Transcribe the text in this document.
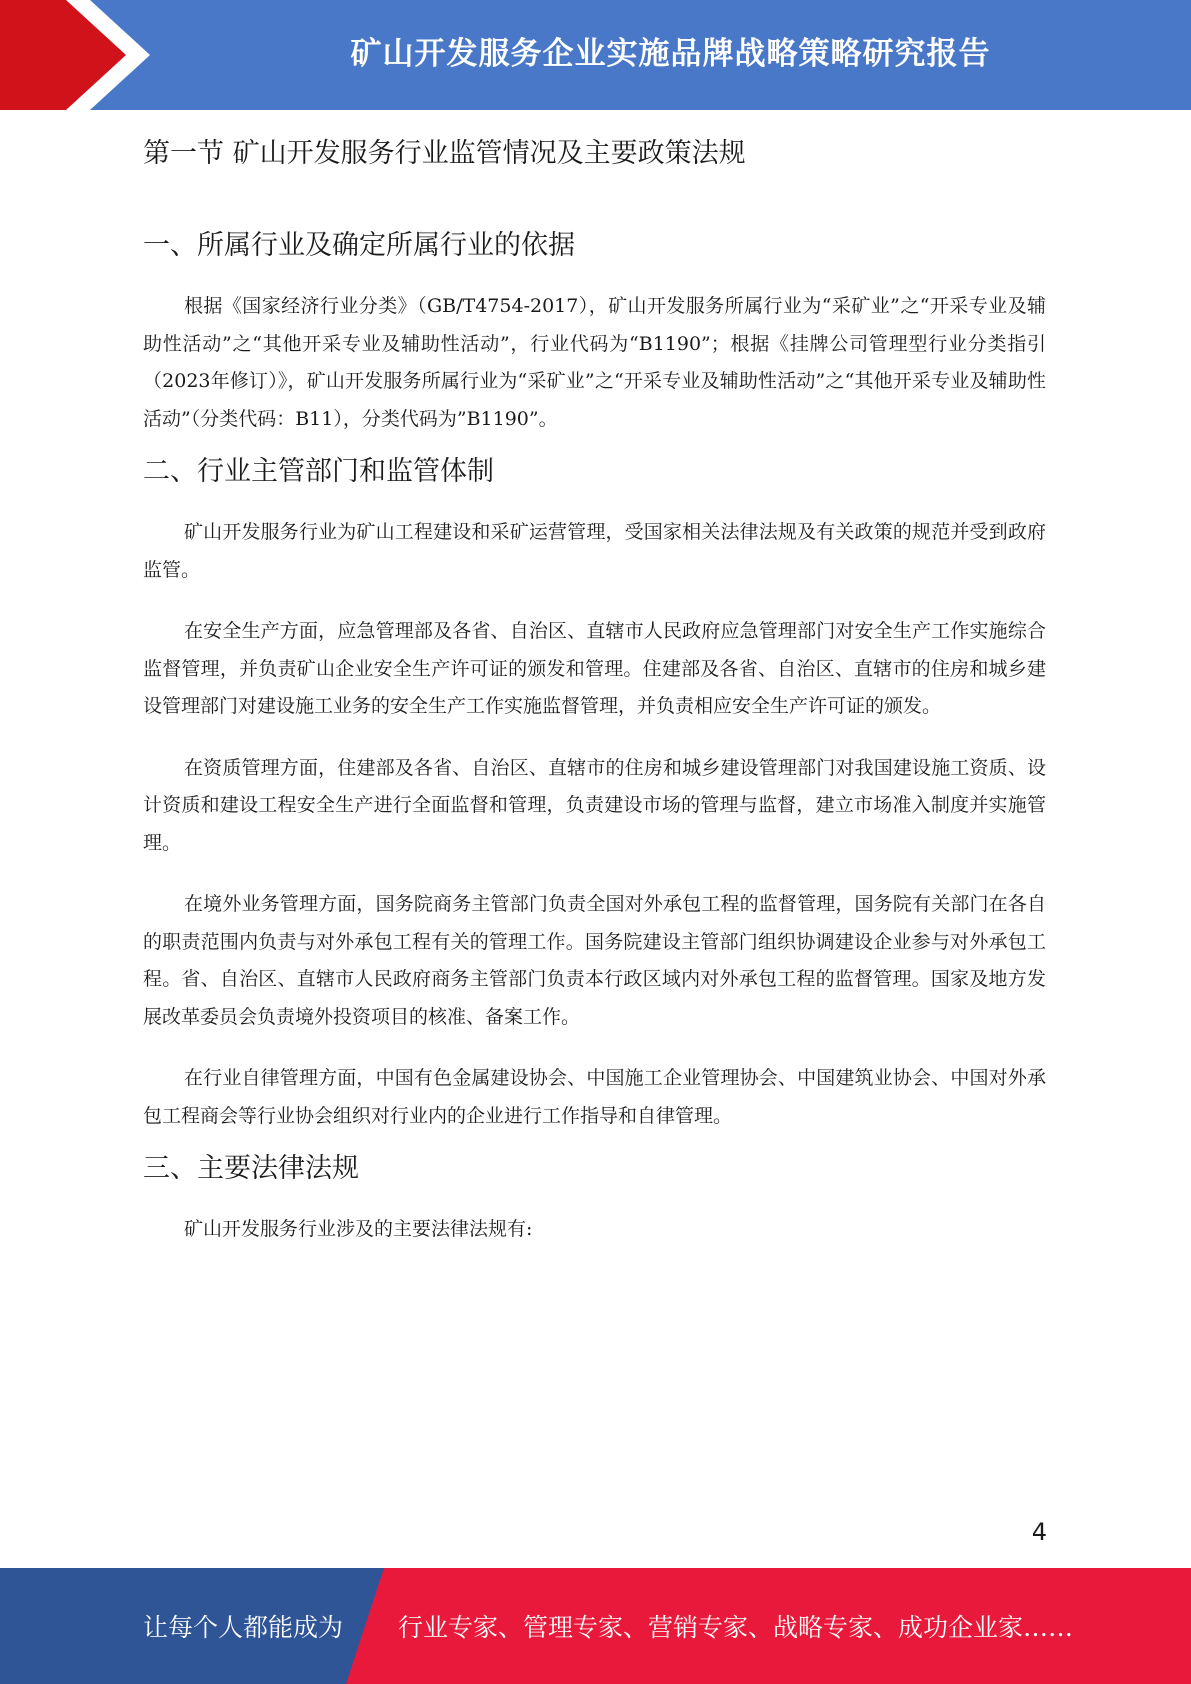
矿山开发服务企业实施品牌战略策略研究报告
第一节 矿山开发服务行业监管情况及主要政策法规
一、所属行业及确定所属行业的依据

根据《国家经济行业分类》（GB/T4754-2017），矿山开发服务所属行业为“采矿业”之“开采专业及辅助性活动”之“其他开采专业及辅助性活动”，行业代码为“B1190”；根据《挂牌公司管理型行业分类指引（2023年修订）》，矿山开发服务所属行业为“采矿业”之“开采专业及辅助性活动”之“其他开采专业及辅助性活动”（分类代码：B11），分类代码为”B1190”。

二、行业主管部门和监管体制

矿山开发服务行业为矿山工程建设和采矿运营管理，受国家相关法律法规及有关政策的规范并受到政府监管。

在安全生产方面，应急管理部及各省、自治区、直辖市人民政府应急管理部门对安全生产工作实施综合监督管理，并负责矿山企业安全生产许可证的颁发和管理。住建部及各省、自治区、直辖市的住房和城乡建设管理部门对建设施工业务的安全生产工作实施监督管理，并负责相应安全生产许可证的颁发。

在资质管理方面，住建部及各省、自治区、直辖市的住房和城乡建设管理部门对我国建设施工资质、设计资质和建设工程安全生产进行全面监督和管理，负责建设市场的管理与监督，建立市场准入制度并实施管理。

在境外业务管理方面，国务院商务主管部门负责全国对外承包工程的监督管理，国务院有关部门在各自的职责范围内负责与对外承包工程有关的管理工作。国务院建设主管部门组织协调建设企业参与对外承包工程。省、自治区、直辖市人民政府商务主管部门负责本行政区域内对外承包工程的监督管理。国家及地方发展改革委员会负责境外投资项目的核准、备案工作。

在行业自律管理方面，中国有色金属建设协会、中国施工企业管理协会、中国建筑业协会、中国对外承包工程商会等行业协会组织对行业内的企业进行工作指导和自律管理。

三、主要法律法规

矿山开发服务行业涉及的主要法律法规有:

4
让每个人都能成为 行业专家、管理专家、营销专家、战略专家、成功企业家……
